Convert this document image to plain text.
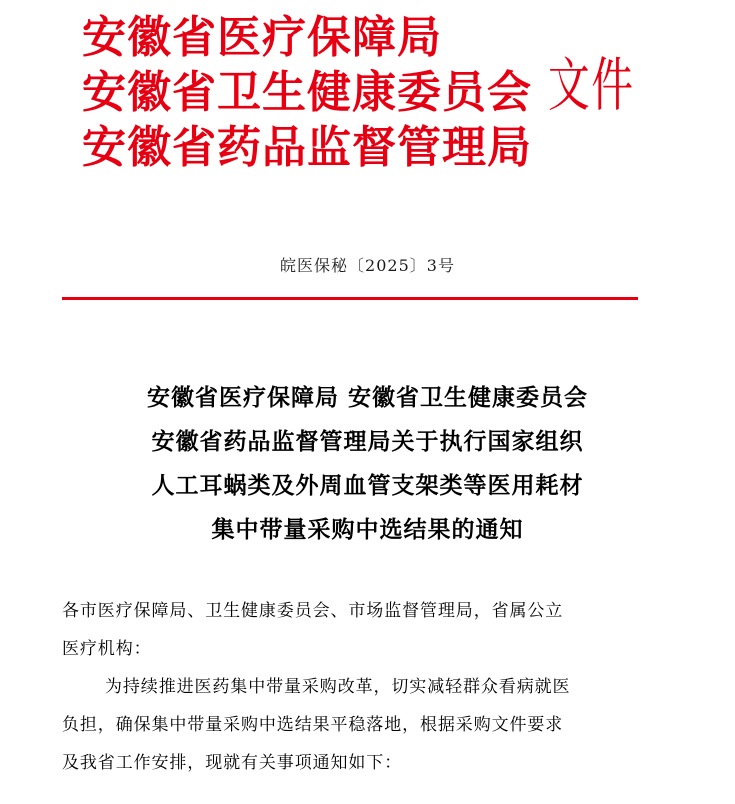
安徽省医疗保障局
安徽省卫生健康委员会
安徽省药品监督管理局
文件
皖医保秘〔2025〕3号
安徽省医疗保障局 安徽省卫生健康委员会
安徽省药品监督管理局关于执行国家组织
人工耳蜗类及外周血管支架类等医用耗材
集中带量采购中选结果的通知
各市医疗保障局、卫生健康委员会、市场监督管理局，省属公立
医疗机构：
为持续推进医药集中带量采购改革，切实减轻群众看病就医
负担，确保集中带量采购中选结果平稳落地，根据采购文件要求
及我省工作安排，现就有关事项通知如下：
